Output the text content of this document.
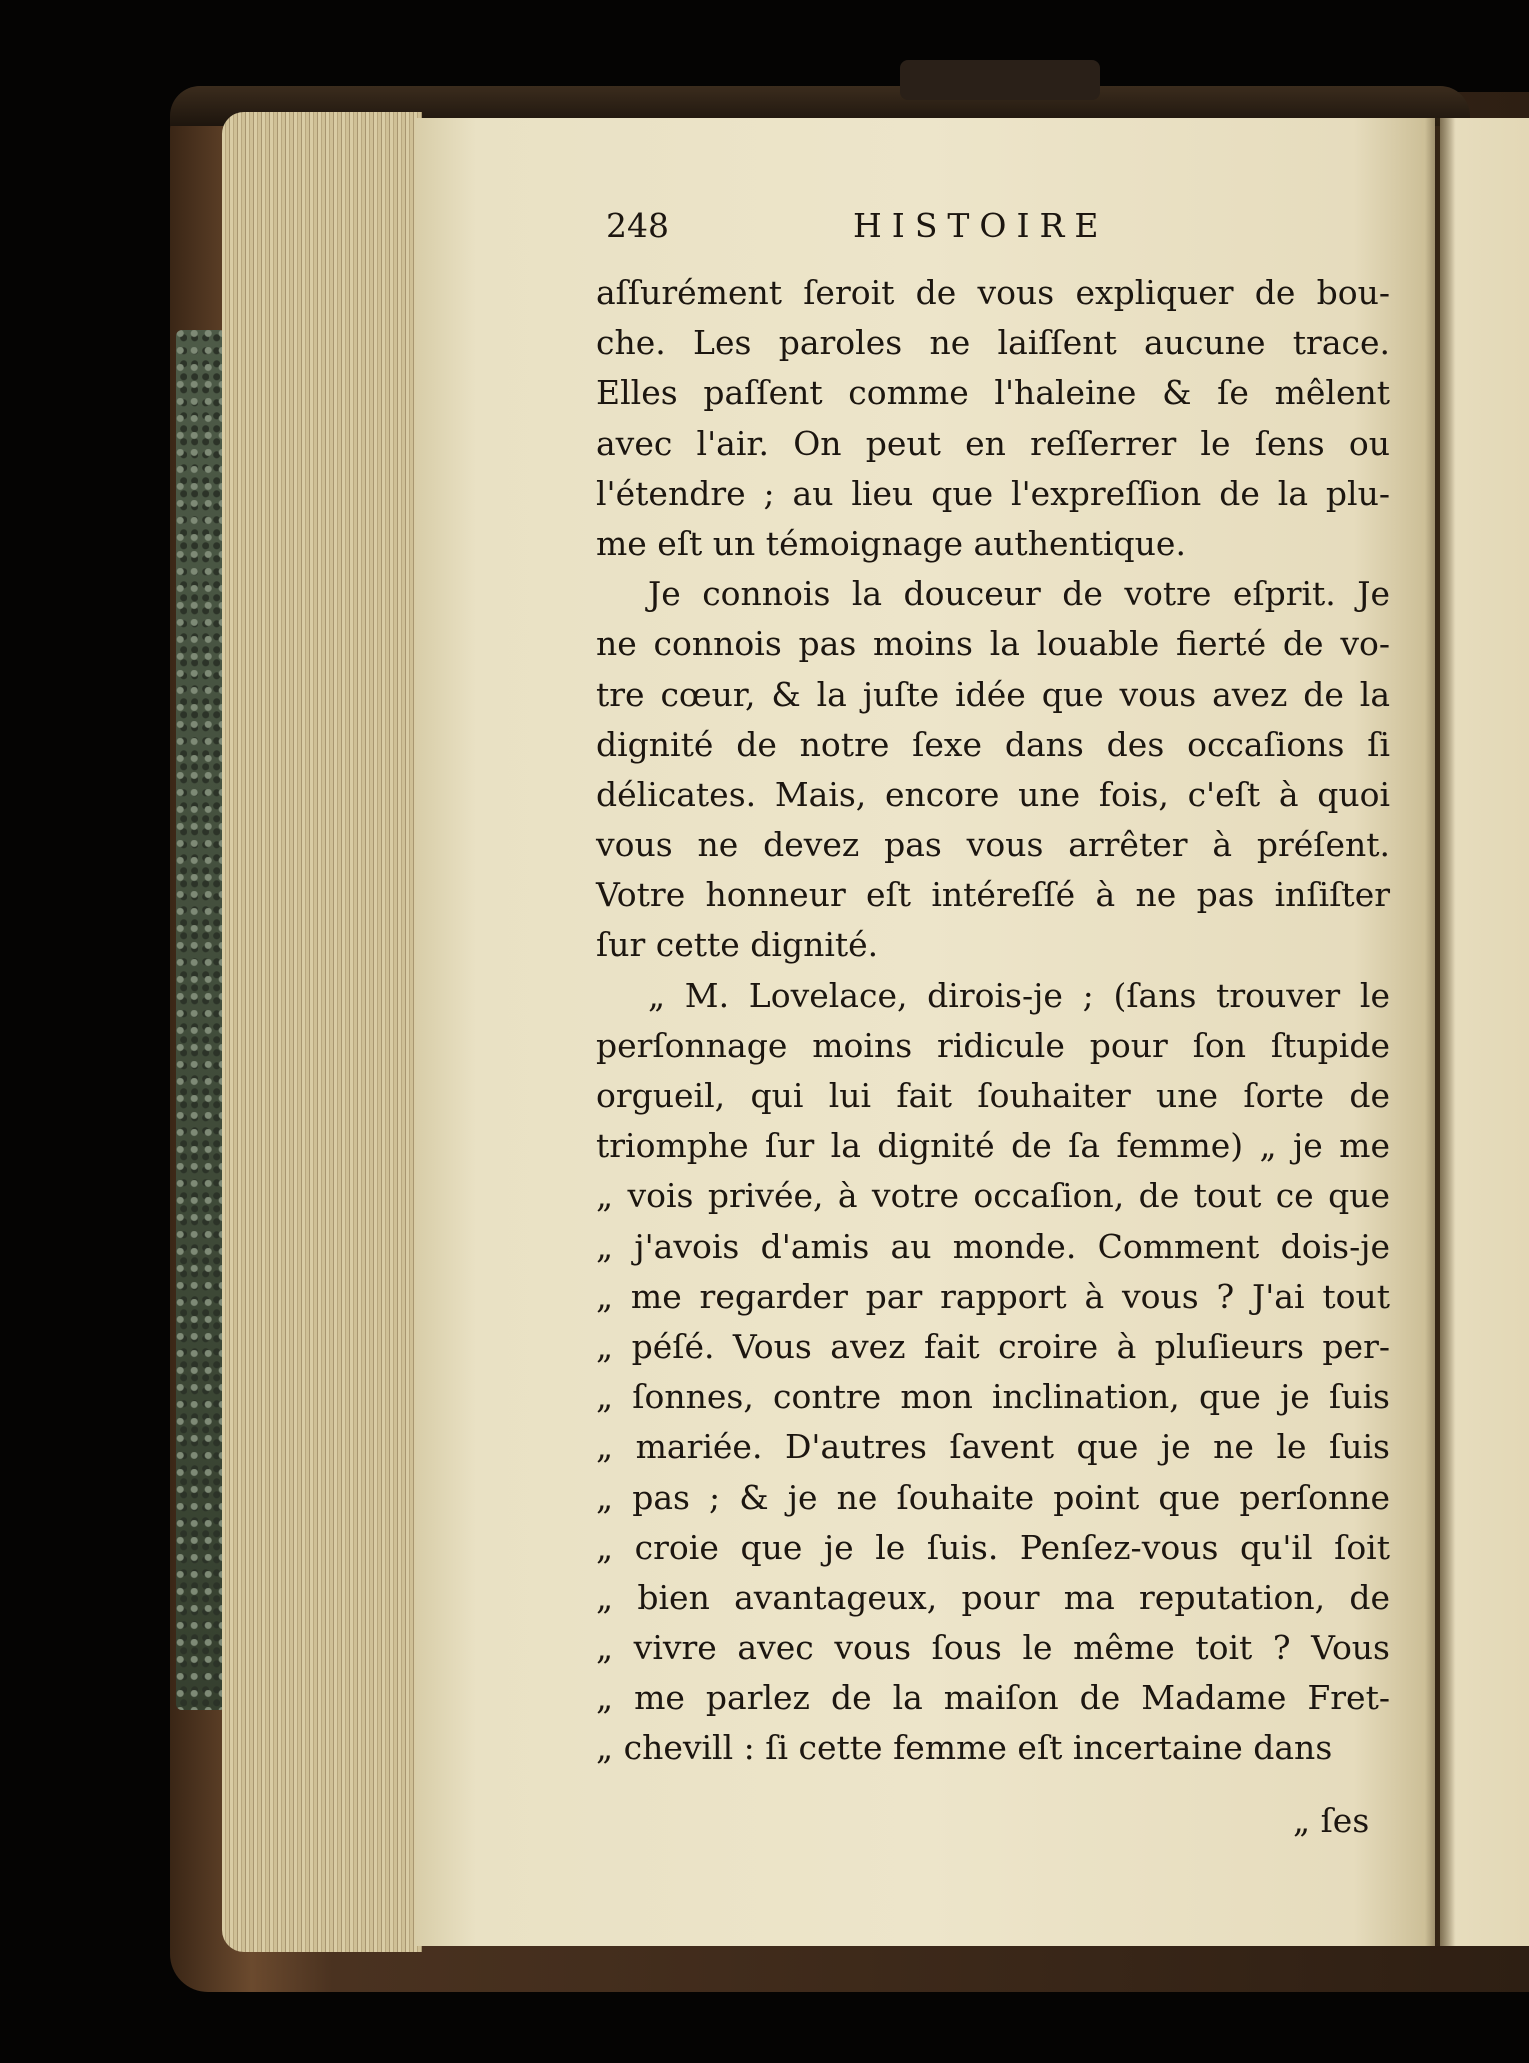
248	HISTOIRE
aſſurément ſeroit de vous expliquer de bou-
che. Les paroles ne laiſſent aucune trace.
Elles paſſent comme l'haleine & ſe mêlent
avec l'air. On peut en reſſerrer le ſens ou
l'étendre ; au lieu que l'expreſſion de la plu-
me eſt un témoignage authentique.
Je connois la douceur de votre eſprit. Je
ne connois pas moins la louable fierté de vo-
tre cœur, & la juſte idée que vous avez de la
dignité de notre ſexe dans des occaſions ſi
délicates. Mais, encore une fois, c'eſt à quoi
vous ne devez pas vous arrêter à préſent.
Votre honneur eſt intéreſſé à ne pas inſiſter
ſur cette dignité.
„ M. Lovelace, dirois-je ; (ſans trouver le
perſonnage moins ridicule pour ſon ſtupide
orgueil, qui lui fait ſouhaiter une ſorte de
triomphe ſur la dignité de ſa femme) „ je me
„ vois privée, à votre occaſion, de tout ce que
„ j'avois d'amis au monde. Comment dois-je
„ me regarder par rapport à vous ? J'ai tout
„ péſé. Vous avez fait croire à pluſieurs per-
„ ſonnes, contre mon inclination, que je ſuis
„ mariée. D'autres ſavent que je ne le ſuis
„ pas ; & je ne ſouhaite point que perſonne
„ croie que je le ſuis. Penſez-vous qu'il ſoit
„ bien avantageux, pour ma reputation, de
„ vivre avec vous ſous le même toit ? Vous
„ me parlez de la maiſon de Madame Fret-
„ chevill : ſi cette femme eſt incertaine dans
„ ſes
